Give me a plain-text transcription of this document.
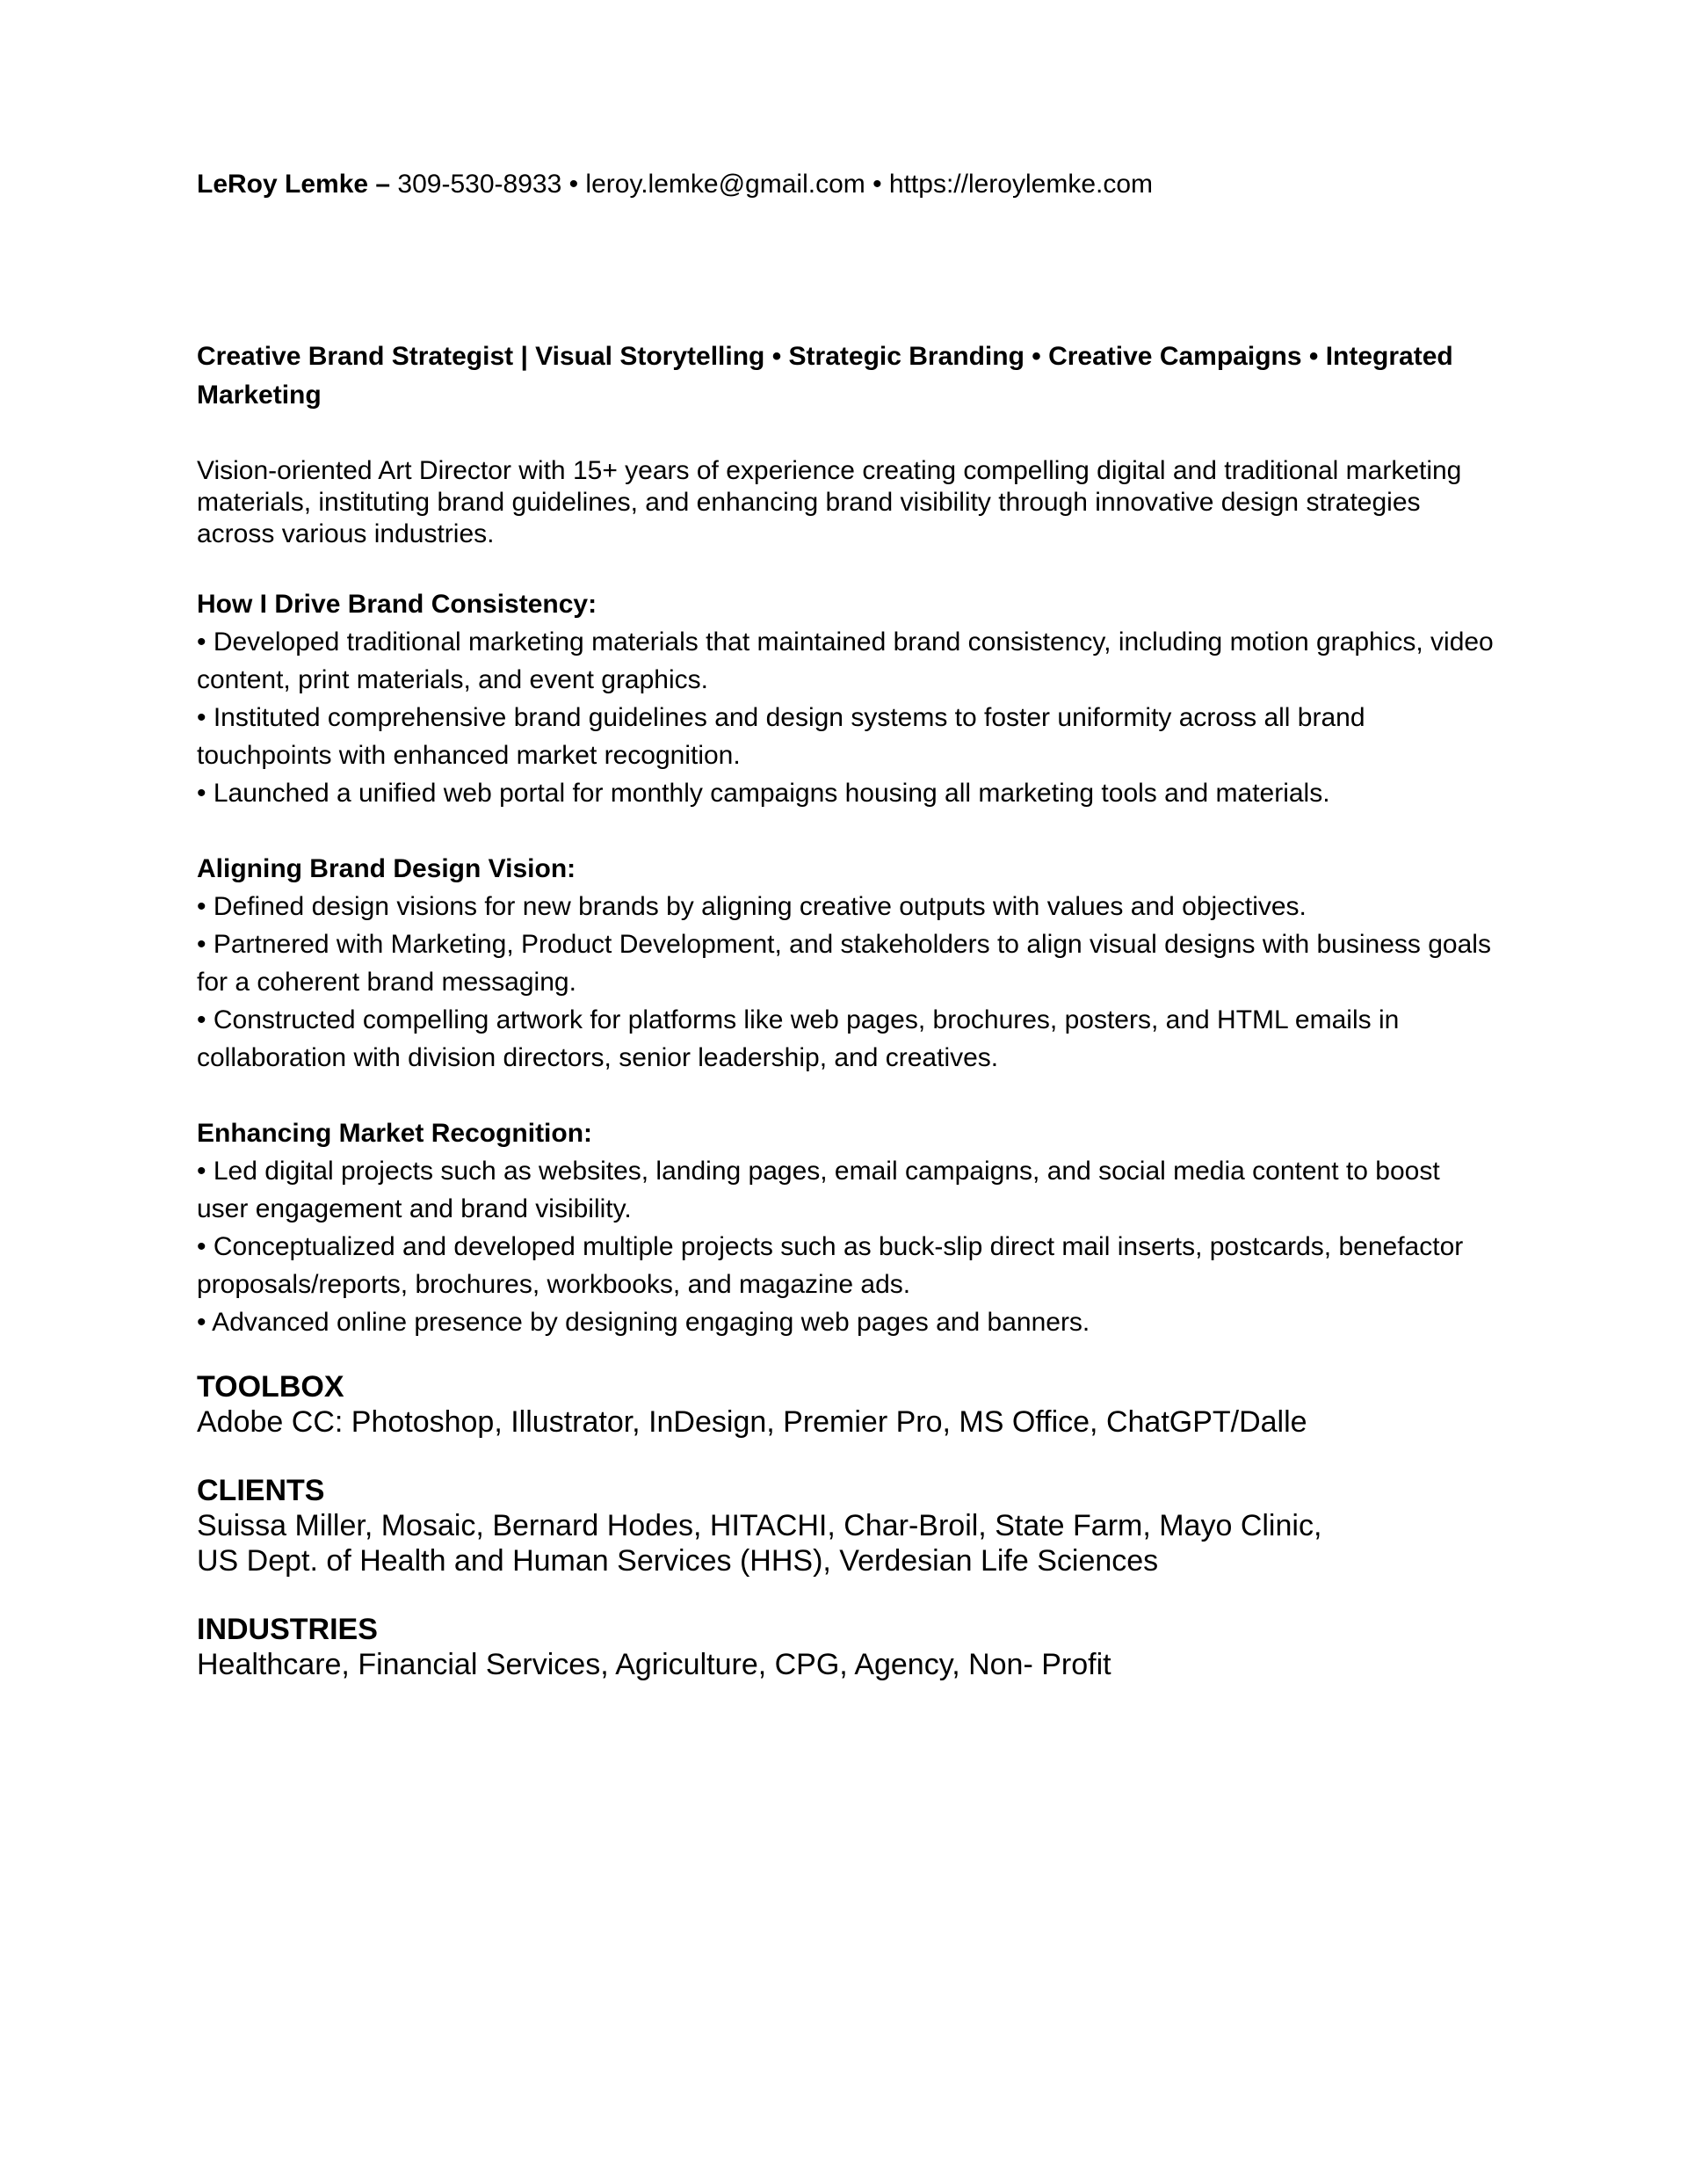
LeRoy Lemke – 309-530-8933 • leroy.lemke@gmail.com • https://leroylemke.com
Creative Brand Strategist | Visual Storytelling • Strategic Branding • Creative Campaigns • Integrated Marketing
Vision-oriented Art Director with 15+ years of experience creating compelling digital and traditional marketing materials, instituting brand guidelines, and enhancing brand visibility through innovative design strategies across various industries.
How I Drive Brand Consistency:
• Developed traditional marketing materials that maintained brand consistency, including motion graphics, video content, print materials, and event graphics.
• Instituted comprehensive brand guidelines and design systems to foster uniformity across all brand touchpoints with enhanced market recognition.
• Launched a unified web portal for monthly campaigns housing all marketing tools and materials.
Aligning Brand Design Vision:
• Defined design visions for new brands by aligning creative outputs with values and objectives.
• Partnered with Marketing, Product Development, and stakeholders to align visual designs with business goals for a coherent brand messaging.
• Constructed compelling artwork for platforms like web pages, brochures, posters, and HTML emails in collaboration with division directors, senior leadership, and creatives.
Enhancing Market Recognition:
• Led digital projects such as websites, landing pages, email campaigns, and social media content to boost user engagement and brand visibility.
• Conceptualized and developed multiple projects such as buck-slip direct mail inserts, postcards, benefactor proposals/reports, brochures, workbooks, and magazine ads.
• Advanced online presence by designing engaging web pages and banners.
TOOLBOX
Adobe CC: Photoshop, Illustrator, InDesign, Premier Pro, MS Office, ChatGPT/Dalle
CLIENTS
Suissa Miller, Mosaic, Bernard Hodes, HITACHI, Char-Broil, State Farm, Mayo Clinic,
US Dept. of Health and Human Services (HHS), Verdesian Life Sciences
INDUSTRIES
Healthcare, Financial Services, Agriculture, CPG, Agency, Non- Profit
